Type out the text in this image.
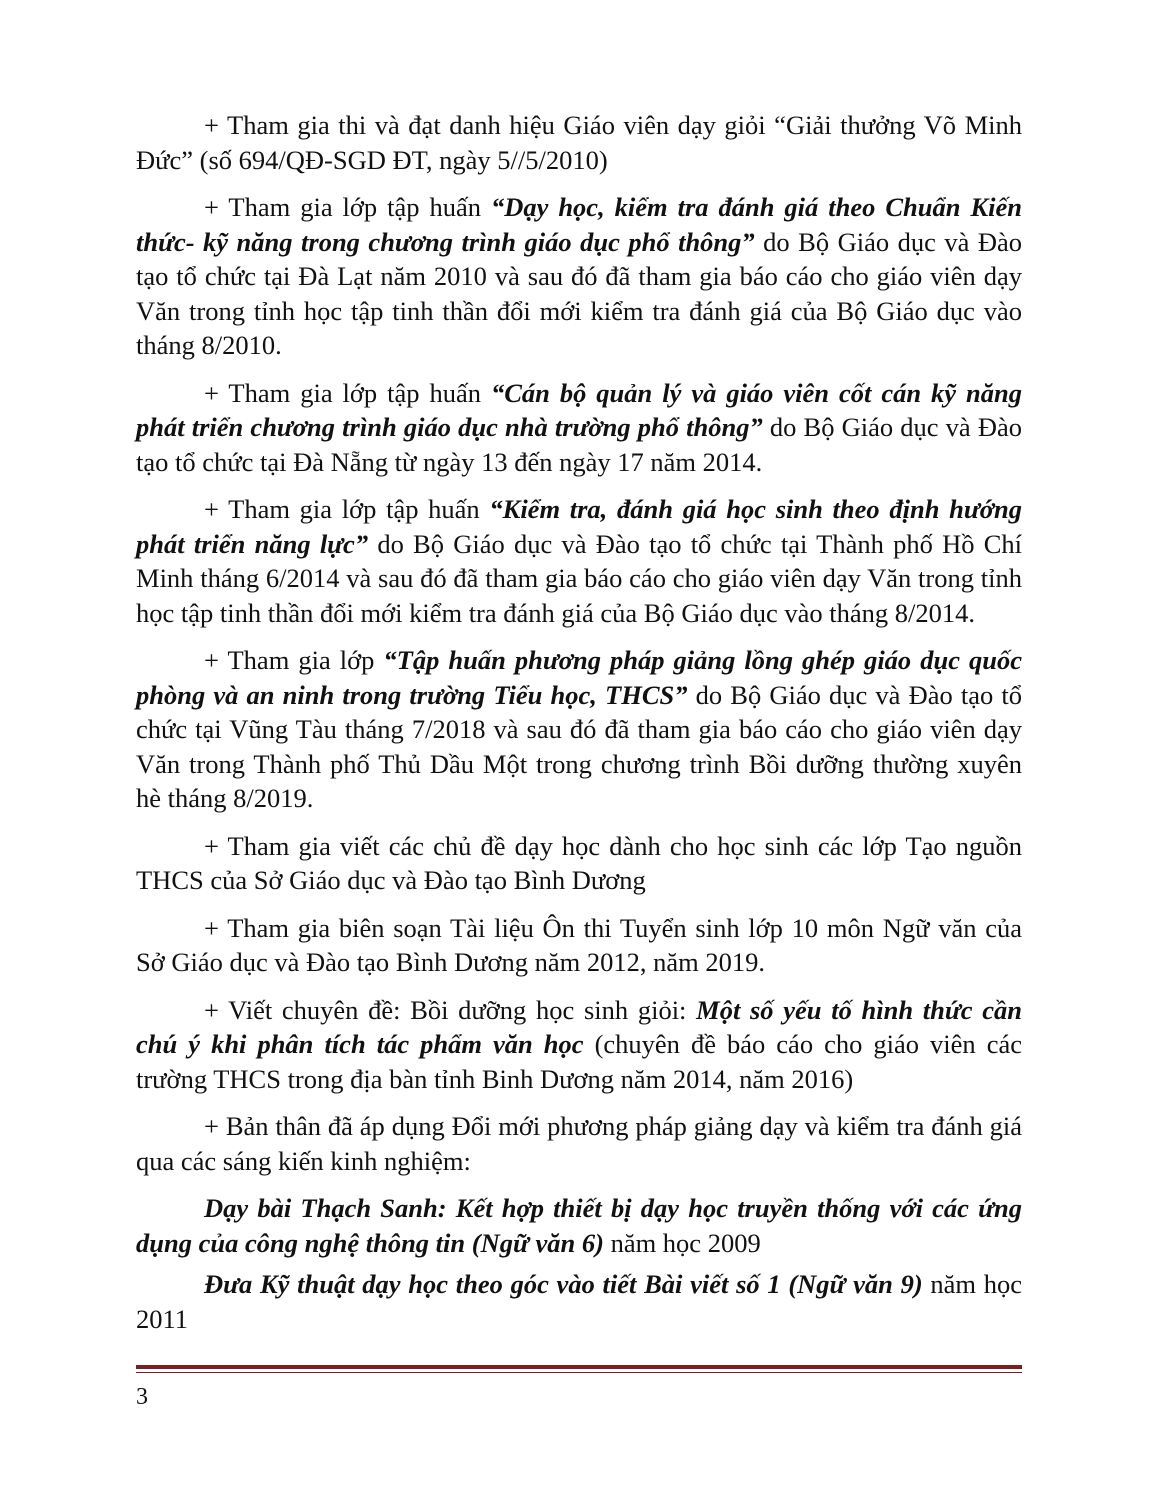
+ Tham gia thi và đạt danh hiệu Giáo viên dạy giỏi “Giải thưởng Võ Minh Đức” (số 694/QĐ-SGD ĐT, ngày 5//5/2010)

+ Tham gia lớp tập huấn “Dạy học, kiểm tra đánh giá theo Chuẩn Kiến thức- kỹ năng trong chương trình giáo dục phổ thông” do Bộ Giáo dục và Đào tạo tổ chức tại Đà Lạt năm 2010 và sau đó đã tham gia báo cáo cho giáo viên dạy Văn trong tỉnh học tập tinh thần đổi mới kiểm tra đánh giá của Bộ Giáo dục vào tháng 8/2010.

+ Tham gia lớp tập huấn “Cán bộ quản lý và giáo viên cốt cán kỹ năng phát triển chương trình giáo dục nhà trường phổ thông” do Bộ Giáo dục và Đào tạo tổ chức tại Đà Nẵng từ ngày 13 đến ngày 17 năm 2014.

+ Tham gia lớp tập huấn “Kiểm tra, đánh giá học sinh theo định hướng phát triển năng lực” do Bộ Giáo dục và Đào tạo tổ chức tại Thành phố Hồ Chí Minh tháng 6/2014 và sau đó đã tham gia báo cáo cho giáo viên dạy Văn trong tỉnh học tập tinh thần đổi mới kiểm tra đánh giá của Bộ Giáo dục vào tháng 8/2014.

+ Tham gia lớp “Tập huấn phương pháp giảng lồng ghép giáo dục quốc phòng và an ninh trong trường Tiểu học, THCS” do Bộ Giáo dục và Đào tạo tổ chức tại Vũng Tàu tháng 7/2018 và sau đó đã tham gia báo cáo cho giáo viên dạy Văn trong Thành phố Thủ Dầu Một trong chương trình Bồi dưỡng thường xuyên hè tháng 8/2019.

+ Tham gia viết các chủ đề dạy học dành cho học sinh các lớp Tạo nguồn THCS của Sở Giáo dục và Đào tạo Bình Dương

+ Tham gia biên soạn Tài liệu Ôn thi Tuyển sinh lớp 10 môn Ngữ văn của Sở Giáo dục và Đào tạo Bình Dương năm 2012, năm 2019.

+ Viết chuyên đề: Bồi dưỡng học sinh giỏi: Một số yếu tố hình thức cần chú ý khi phân tích tác phẩm văn học (chuyên đề báo cáo cho giáo viên các trường THCS trong địa bàn tỉnh Binh Dương năm 2014, năm 2016)

+ Bản thân đã áp dụng Đổi mới phương pháp giảng dạy và kiểm tra đánh giá qua các sáng kiến kinh nghiệm:

Dạy bài Thạch Sanh: Kết hợp thiết bị dạy học truyền thống với các ứng dụng của công nghệ thông tin (Ngữ văn 6) năm học 2009

Đưa Kỹ thuật dạy học theo góc vào tiết Bài viết số 1 (Ngữ văn 9) năm học 2011

3
